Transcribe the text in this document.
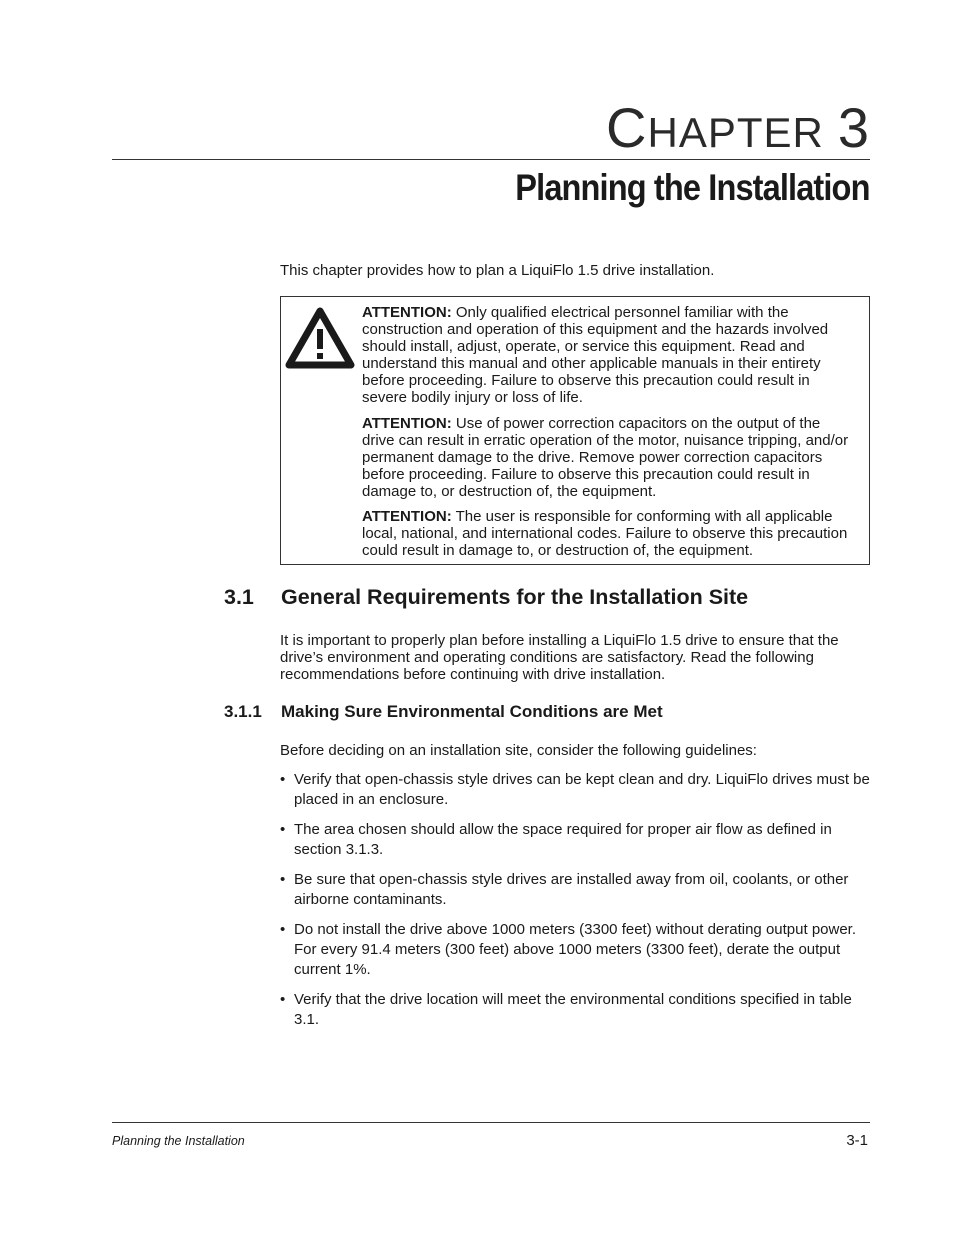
CHAPTER 3
Planning the Installation
This chapter provides how to plan a LiquiFlo 1.5 drive installation.
ATTENTION: Only qualified electrical personnel familiar with the construction and operation of this equipment and the hazards involved should install, adjust, operate, or service this equipment. Read and understand this manual and other applicable manuals in their entirety before proceeding. Failure to observe this precaution could result in severe bodily injury or loss of life.
ATTENTION: Use of power correction capacitors on the output of the drive can result in erratic operation of the motor, nuisance tripping, and/or permanent damage to the drive. Remove power correction capacitors before proceeding. Failure to observe this precaution could result in damage to, or destruction of, the equipment.
ATTENTION: The user is responsible for conforming with all applicable local, national, and international codes. Failure to observe this precaution could result in damage to, or destruction of, the equipment.
3.1 General Requirements for the Installation Site
It is important to properly plan before installing a LiquiFlo 1.5 drive to ensure that the drive’s environment and operating conditions are satisfactory. Read the following recommendations before continuing with drive installation.
3.1.1 Making Sure Environmental Conditions are Met
Before deciding on an installation site, consider the following guidelines:
• Verify that open-chassis style drives can be kept clean and dry. LiquiFlo drives must be placed in an enclosure.
• The area chosen should allow the space required for proper air flow as defined in section 3.1.3.
• Be sure that open-chassis style drives are installed away from oil, coolants, or other airborne contaminants.
• Do not install the drive above 1000 meters (3300 feet) without derating output power. For every 91.4 meters (300 feet) above 1000 meters (3300 feet), derate the output current 1%.
• Verify that the drive location will meet the environmental conditions specified in table 3.1.
Planning the Installation	3-1
